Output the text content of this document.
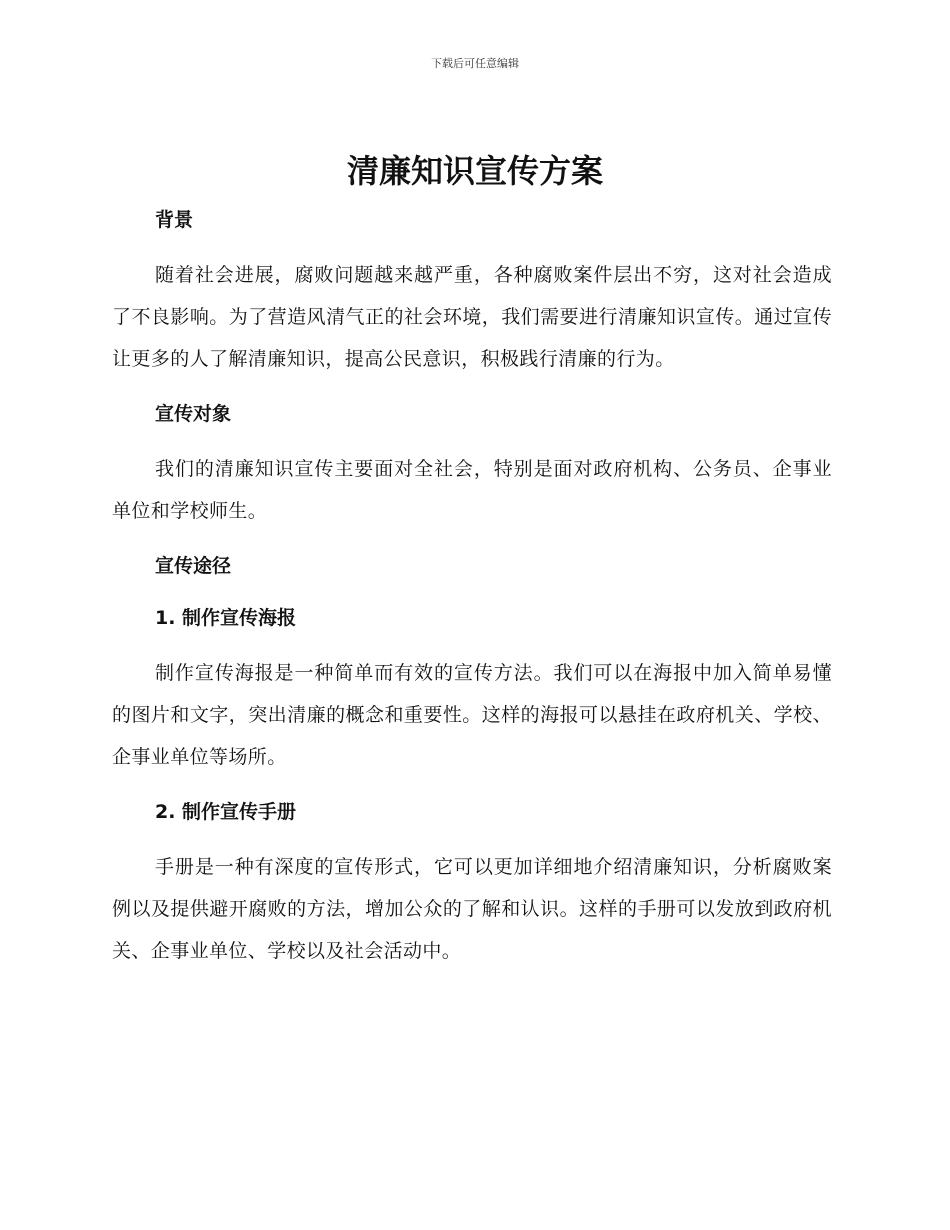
下载后可任意编辑
清廉知识宣传方案
背景

随着社会进展，腐败问题越来越严重，各种腐败案件层出不穷，这对社会造成了不良影响。为了营造风清气正的社会环境，我们需要进行清廉知识宣传。通过宣传让更多的人了解清廉知识，提高公民意识，积极践行清廉的行为。

宣传对象

我们的清廉知识宣传主要面对全社会，特别是面对政府机构、公务员、企事业单位和学校师生。

宣传途径
1. 制作宣传海报

制作宣传海报是一种简单而有效的宣传方法。我们可以在海报中加入简单易懂的图片和文字，突出清廉的概念和重要性。这样的海报可以悬挂在政府机关、学校、企事业单位等场所。

2. 制作宣传手册

手册是一种有深度的宣传形式，它可以更加详细地介绍清廉知识，分析腐败案例以及提供避开腐败的方法，增加公众的了解和认识。这样的手册可以发放到政府机关、企事业单位、学校以及社会活动中。
